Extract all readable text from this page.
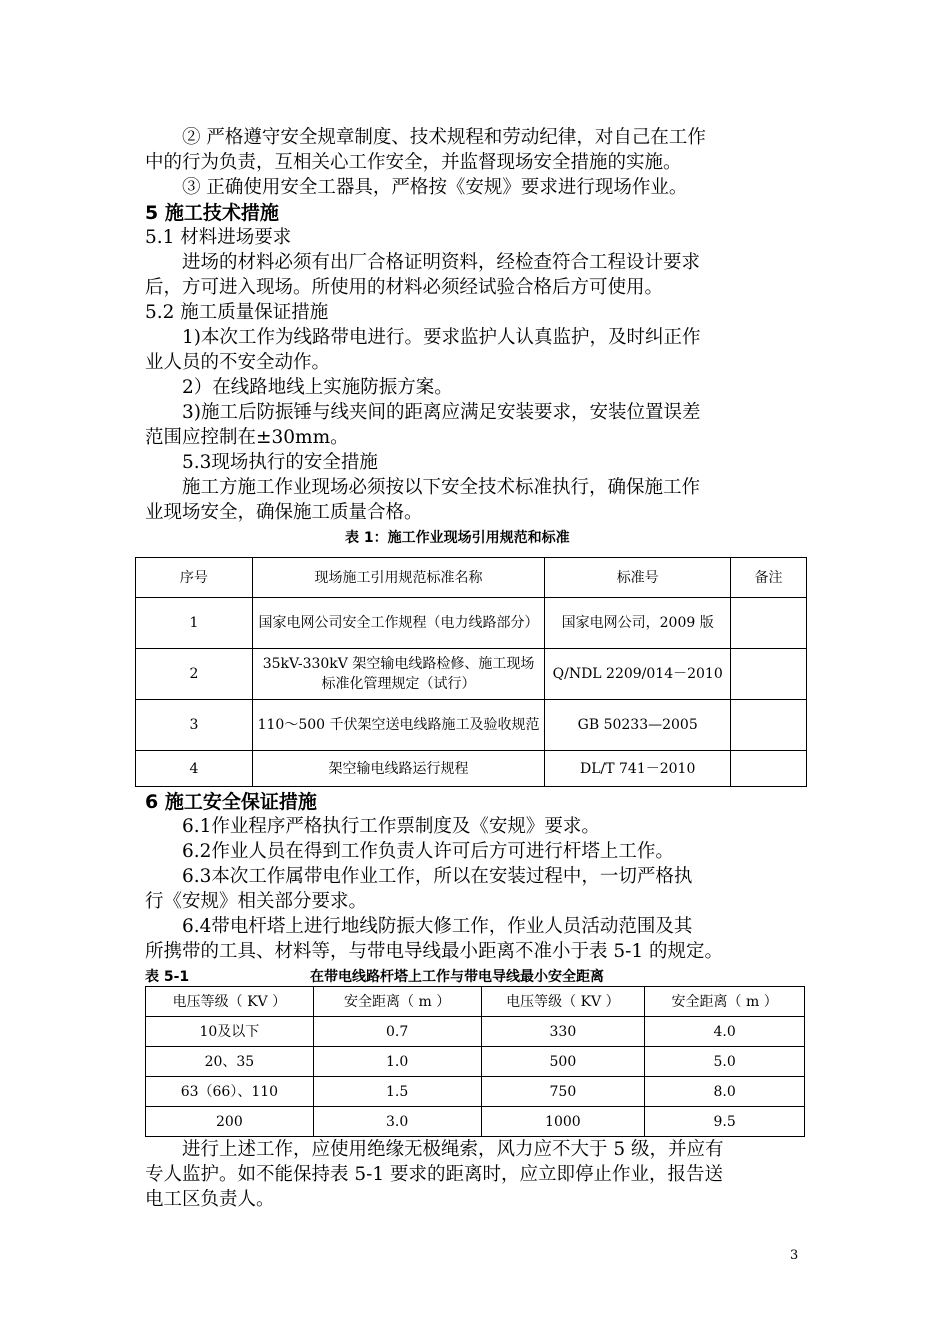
　　② 严格遵守安全规章制度、技术规程和劳动纪律，对自己在工作
中的行为负责，互相关心工作安全，并监督现场安全措施的实施。
　　③ 正确使用安全工器具，严格按《安规》要求进行现场作业。
5 施工技术措施
5.1 材料进场要求
　　进场的材料必须有出厂合格证明资料，经检查符合工程设计要求
后，方可进入现场。所使用的材料必须经试验合格后方可使用。
5.2 施工质量保证措施
　　1)本次工作为线路带电进行。要求监护人认真监护，及时纠正作
业人员的不安全动作。
　　2）在线路地线上实施防振方案。
　　3)施工后防振锤与线夹间的距离应满足安装要求，安装位置误差
范围应控制在±30mm。
　　5.3现场执行的安全措施
　　施工方施工作业现场必须按以下安全技术标准执行，确保施工作
业现场安全，确保施工质量合格。
表 1：施工作业现场引用规范和标准
序号	现场施工引用规范标准名称	标准号	备注
1	国家电网公司安全工作规程（电力线路部分）	国家电网公司，2009 版	
2	35kV-330kV 架空输电线路检修、施工现场标准化管理规定（试行）	Q/NDL 2209/014－2010	
3	110～500 千伏架空送电线路施工及验收规范	GB 50233—2005	
4	架空输电线路运行规程	DL/T 741－2010	
6 施工安全保证措施
　　6.1作业程序严格执行工作票制度及《安规》要求。
　　6.2作业人员在得到工作负责人许可后方可进行杆塔上工作。
　　6.3本次工作属带电作业工作，所以在安装过程中，一切严格执
行《安规》相关部分要求。
　　6.4带电杆塔上进行地线防振大修工作，作业人员活动范围及其
所携带的工具、材料等，与带电导线最小距离不准小于表 5-1 的规定。
表 5-1	在带电线路杆塔上工作与带电导线最小安全距离
电压等级（ KV ）	安全距离（ m ）	电压等级（ KV ）	安全距离（ m ）
10及以下	0.7	330	4.0
20、35	1.0	500	5.0
63（66）、110	1.5	750	8.0
200	3.0	1000	9.5
　　进行上述工作，应使用绝缘无极绳索，风力应不大于 5 级，并应有
专人监护。如不能保持表 5-1 要求的距离时，应立即停止作业，报告送
电工区负责人。
3
